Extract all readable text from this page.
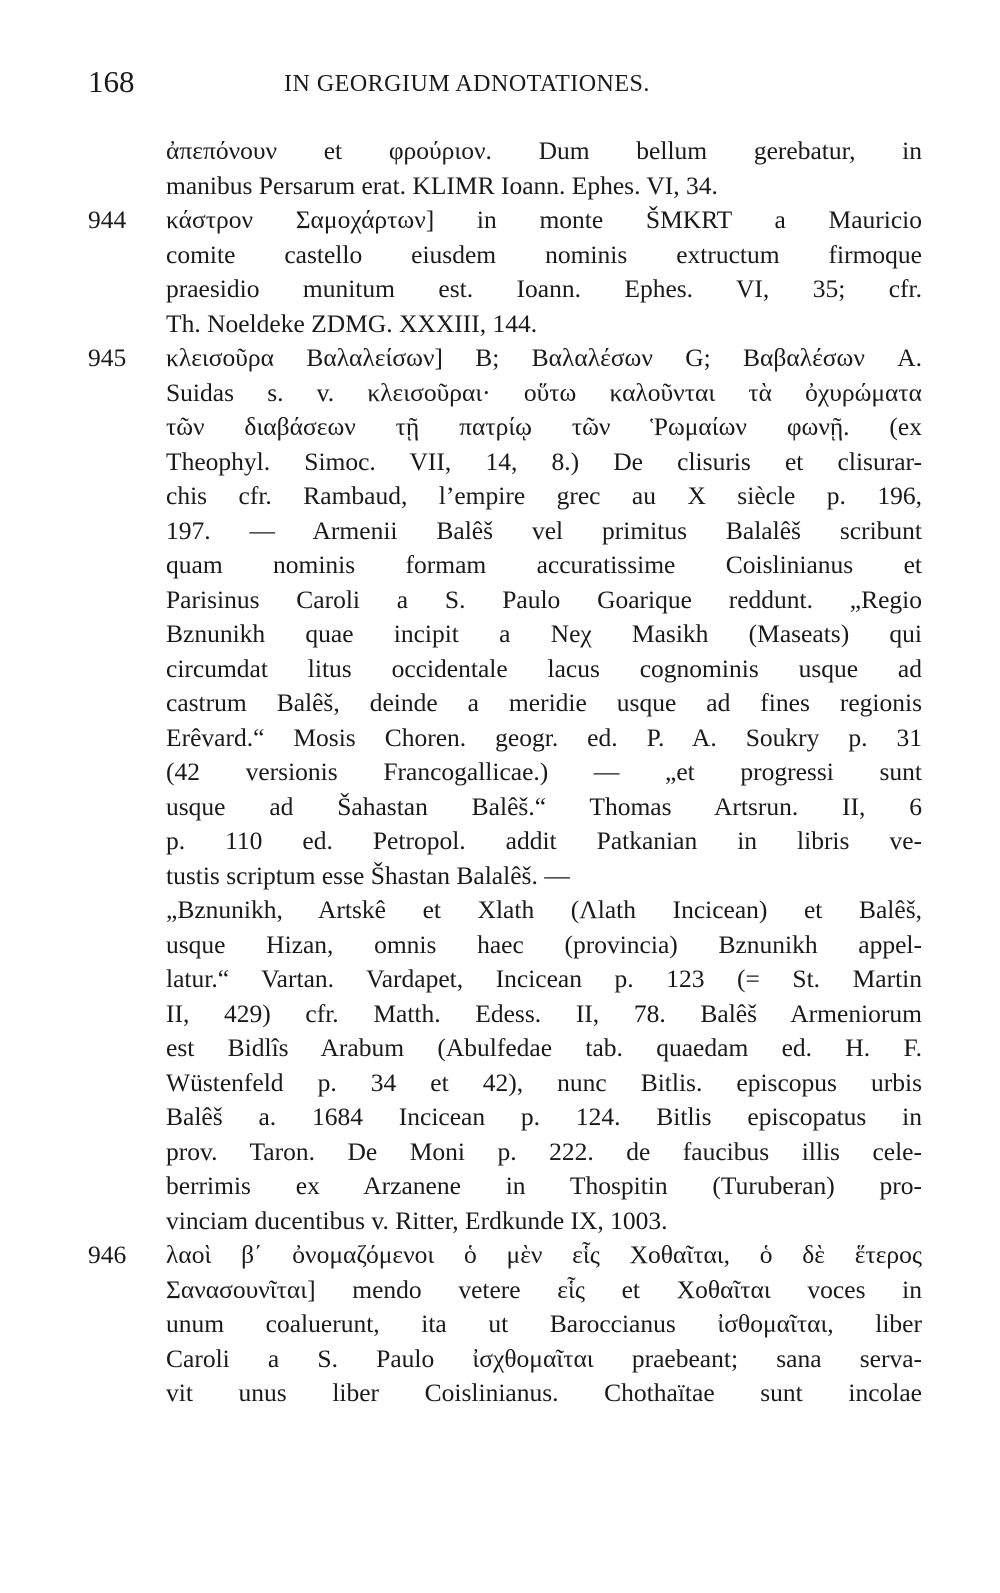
168	IN GEORGIUM ADNOTATIONES.
ἀπεπόνουν et φρούριον. Dum bellum gerebatur, in
manibus Persarum erat. KLIMR Ioann. Ephes. VI, 34.
944	κάστρον Σαμοχάρτων] in monte ŠMKRT a Mauricio
comite castello eiusdem nominis extructum firmoque
praesidio munitum est. Ioann. Ephes. VI, 35; cfr.
Th. Noeldeke ZDMG. XXXIII, 144.
945	κλεισοῦρα Βαλαλείσων] B; Βαλαλέσων G; Βαβαλέσων A.
Suidas s. v. κλεισοῦραι· οὕτω καλοῦνται τὰ ὀχυρώματα
τῶν διαβάσεων τῇ πατρίῳ τῶν Ῥωμαίων φωνῇ. (ex
Theophyl. Simoc. VII, 14, 8.) De clisuris et clisurar-
chis cfr. Rambaud, l’empire grec au X siècle p. 196,
197. — Armenii Balêš vel primitus Balalêš scribunt
quam nominis formam accuratissime Coislinianus et
Parisinus Caroli a S. Paulo Goarique reddunt. „Regio
Bznunikh quae incipit a Neχ Masikh (Maseats) qui
circumdat litus occidentale lacus cognominis usque ad
castrum Balêš, deinde a meridie usque ad fines regionis
Erêvard.“ Mosis Choren. geogr. ed. P. A. Soukry p. 31
(42 versionis Francogallicae.) — „et progressi sunt
usque ad Šahastan Balêš.“ Thomas Artsrun. II, 6
p. 110 ed. Petropol. addit Patkanian in libris ve-
tustis scriptum esse Šhastan Balalêš. —
„Bznunikh, Artskê et Xlath (Λlath Incicean) et Balêš,
usque Hizan, omnis haec (provincia) Bznunikh appel-
latur.“ Vartan. Vardapet, Incicean p. 123 (= St. Martin
II, 429) cfr. Matth. Edess. II, 78. Balêš Armeniorum
est Bidlîs Arabum (Abulfedae tab. quaedam ed. H. F.
Wüstenfeld p. 34 et 42), nunc Bitlis. episcopus urbis
Balêš a. 1684 Incicean p. 124. Bitlis episcopatus in
prov. Taron. De Moni p. 222. de faucibus illis cele-
berrimis ex Arzanene in Thospitin (Turuberan) pro-
vinciam ducentibus v. Ritter, Erdkunde IX, 1003.
946	λαοὶ β΄ ὀνομαζόμενοι ὁ μὲν εἷς Χοθαῖται, ὁ δὲ ἕτερος
Σανασουνῖται] mendo vetere εἷς et Χοθαῖται voces in
unum coaluerunt, ita ut Baroccianus ἰσθομαῖται, liber
Caroli a S. Paulo ἰσχθομαῖται praebeant; sana serva-
vit unus liber Coislinianus. Chothaïtae sunt incolae
